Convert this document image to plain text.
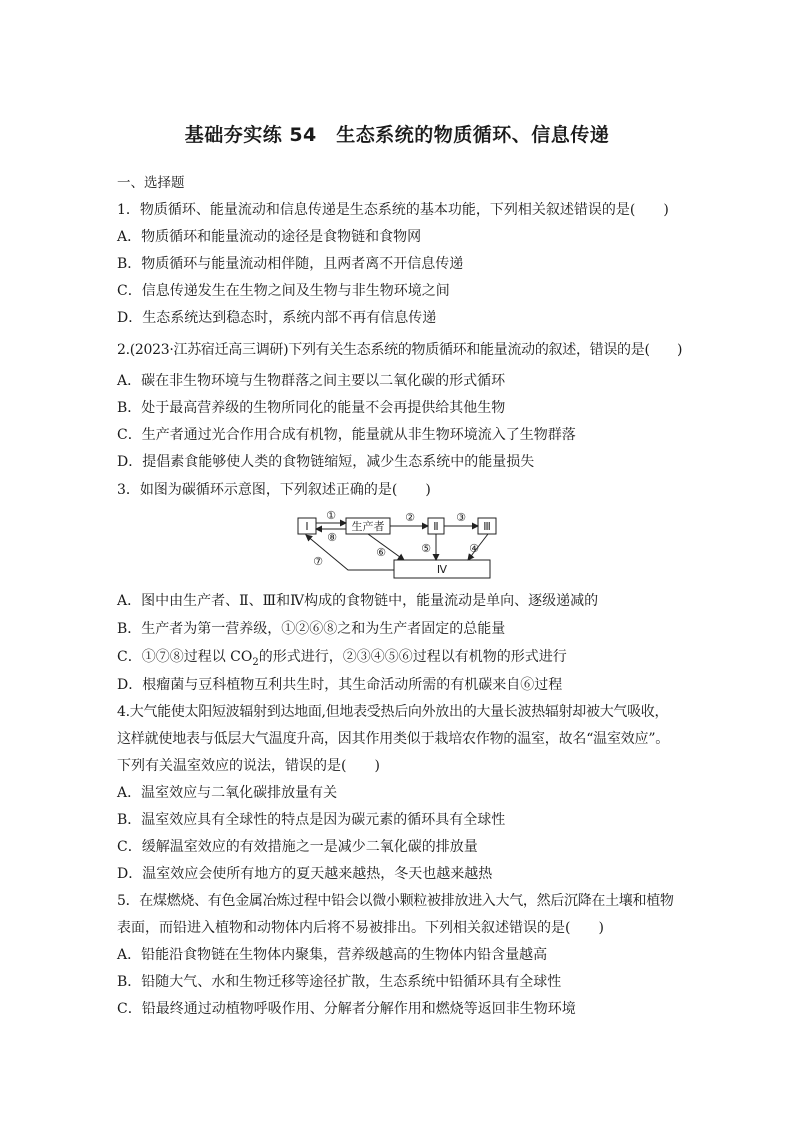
基础夯实练 54　生态系统的物质循环、信息传递
一、选择题
1．物质循环、能量流动和信息传递是生态系统的基本功能，下列相关叙述错误的是(　　)
A．物质循环和能量流动的途径是食物链和食物网
B．物质循环与能量流动相伴随，且两者离不开信息传递
C．信息传递发生在生物之间及生物与非生物环境之间
D．生态系统达到稳态时，系统内部不再有信息传递
2.(2023·江苏宿迁高三调研)下列有关生态系统的物质循环和能量流动的叙述，错误的是(　　)
A．碳在非生物环境与生物群落之间主要以二氧化碳的形式循环
B．处于最高营养级的生物所同化的能量不会再提供给其他生物
C．生产者通过光合作用合成有机物，能量就从非生物环境流入了生物群落
D．提倡素食能够使人类的食物链缩短，减少生态系统中的能量损失
3．如图为碳循环示意图，下列叙述正确的是(　　)
Ⅰ	生产者	Ⅱ	Ⅲ
Ⅳ
①
⑧
②	③
⑥	⑤	④
⑦
A．图中由生产者、Ⅱ、Ⅲ和Ⅳ构成的食物链中，能量流动是单向、逐级递减的
B．生产者为第一营养级，①②⑥⑧之和为生产者固定的总能量
C．①⑦⑧过程以 $CO_2$的形式进行，②③④⑤⑥过程以有机物的形式进行
D．根瘤菌与豆科植物互利共生时，其生命活动所需的有机碳来自⑥过程
4.大气能使太阳短波辐射到达地面,但地表受热后向外放出的大量长波热辐射却被大气吸收，
这样就使地表与低层大气温度升高，因其作用类似于栽培农作物的温室，故名“温室效应”。
下列有关温室效应的说法，错误的是(　　)
A．温室效应与二氧化碳排放量有关
B．温室效应具有全球性的特点是因为碳元素的循环具有全球性
C．缓解温室效应的有效措施之一是减少二氧化碳的排放量
D．温室效应会使所有地方的夏天越来越热，冬天也越来越热
5．在煤燃烧、有色金属冶炼过程中铅会以微小颗粒被排放进入大气，然后沉降在土壤和植物
表面，而铅进入植物和动物体内后将不易被排出。下列相关叙述错误的是(　　)
A．铅能沿食物链在生物体内聚集，营养级越高的生物体内铅含量越高
B．铅随大气、水和生物迁移等途径扩散，生态系统中铅循环具有全球性
C．铅最终通过动植物呼吸作用、分解者分解作用和燃烧等返回非生物环境
